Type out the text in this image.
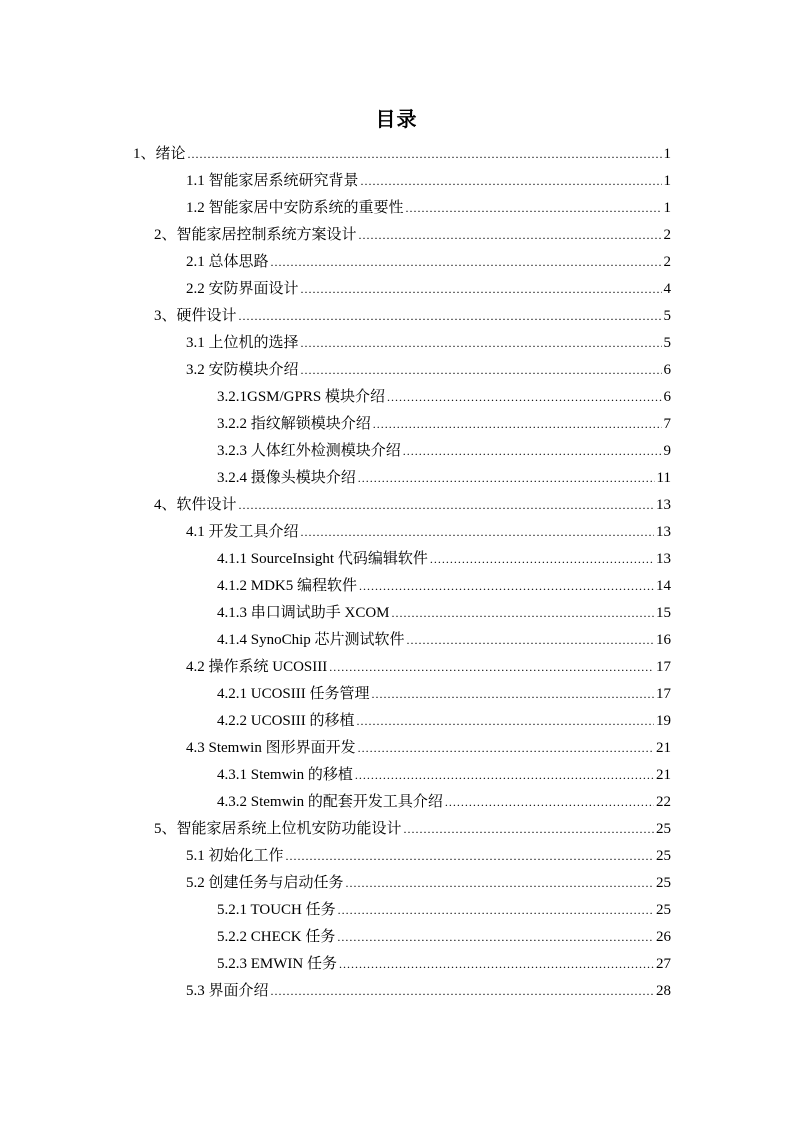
目录
1、绪论 .....	1
1.1 智能家居系统研究背景 .....	1
1.2 智能家居中安防系统的重要性 .....	1
2、智能家居控制系统方案设计 .....	2
2.1 总体思路 .....	2
2.2 安防界面设计 .....	4
3、硬件设计 .....	5
3.1 上位机的选择 .....	5
3.2 安防模块介绍 .....	6
3.2.1GSM/GPRS 模块介绍 .....	6
3.2.2 指纹解锁模块介绍 .....	7
3.2.3 人体红外检测模块介绍 .....	9
3.2.4 摄像头模块介绍 .....	11
4、软件设计 .....	13
4.1 开发工具介绍 .....	13
4.1.1 SourceInsight 代码编辑软件 .....	13
4.1.2 MDK5 编程软件 .....	14
4.1.3 串口调试助手 XCOM .....	15
4.1.4 SynoChip 芯片测试软件 .....	16
4.2 操作系统 UCOSIII .....	17
4.2.1 UCOSIII 任务管理 .....	17
4.2.2 UCOSIII 的移植 .....	19
4.3 Stemwin 图形界面开发 .....	21
4.3.1 Stemwin 的移植 .....	21
4.3.2 Stemwin 的配套开发工具介绍 .....	22
5、智能家居系统上位机安防功能设计 .....	25
5.1 初始化工作 .....	25
5.2 创建任务与启动任务 .....	25
5.2.1 TOUCH 任务 .....	25
5.2.2 CHECK 任务 .....	26
5.2.3 EMWIN 任务 .....	27
5.3 界面介绍 .....	28
